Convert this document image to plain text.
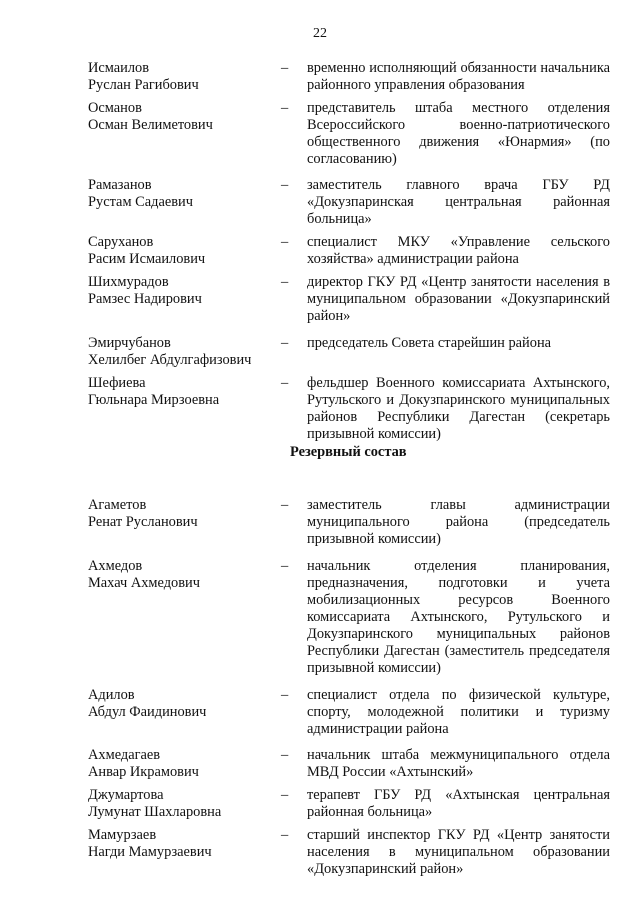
22
Исмаилов
Руслан Рагибович
–	временно исполняющий обязанности начальника районного управления образования
Османов
Осман Велиметович
–	представитель штаба местного отделения Всероссийского военно-патриотического общественного движения «Юнармия» (по согласованию)
Рамазанов
Рустам Садаевич
–	заместитель главного врача ГБУ РД «Докузпаринская центральная районная больница»
Саруханов
Расим Исмаилович
–	специалист МКУ «Управление сельского хозяйства» администрации района
Шихмурадов
Рамзес Надирович
–	директор ГКУ РД «Центр занятости населения в муниципальном образовании «Докузпаринский район»
Эмирчубанов
Хелилбег Абдулгафизович
–	председатель Совета старейшин района
Шефиева
Гюльнара Мирзоевна
–	фельдшер Военного комиссариата Ахтынского, Рутульского и Докузпаринского муниципальных районов Республики Дагестан (секретарь призывной комиссии)
Агаметов
Ренат Русланович
–	заместитель главы администрации муниципального района (председатель призывной комиссии)
Ахмедов
Махач Ахмедович
–	начальник отделения планирования, предназначения, подготовки и учета мобилизационных ресурсов Военного комиссариата Ахтынского, Рутульского и Докузпаринского муниципальных районов Республики Дагестан (заместитель председателя призывной комиссии)
Адилов
Абдул Фаидинович
–	специалист отдела по физической культуре, спорту, молодежной политики и туризму администрации района
Ахмедагаев
Анвар Икрамович
–	начальник штаба межмуниципального отдела МВД России «Ахтынский»
Джумартова
Лумунат Шахларовна
–	терапевт ГБУ РД «Ахтынская центральная районная больница»
Мамурзаев
Нагди Мамурзаевич
–	старший инспектор ГКУ РД «Центр занятости населения в муниципальном образовании «Докузпаринский район»
Резервный состав
